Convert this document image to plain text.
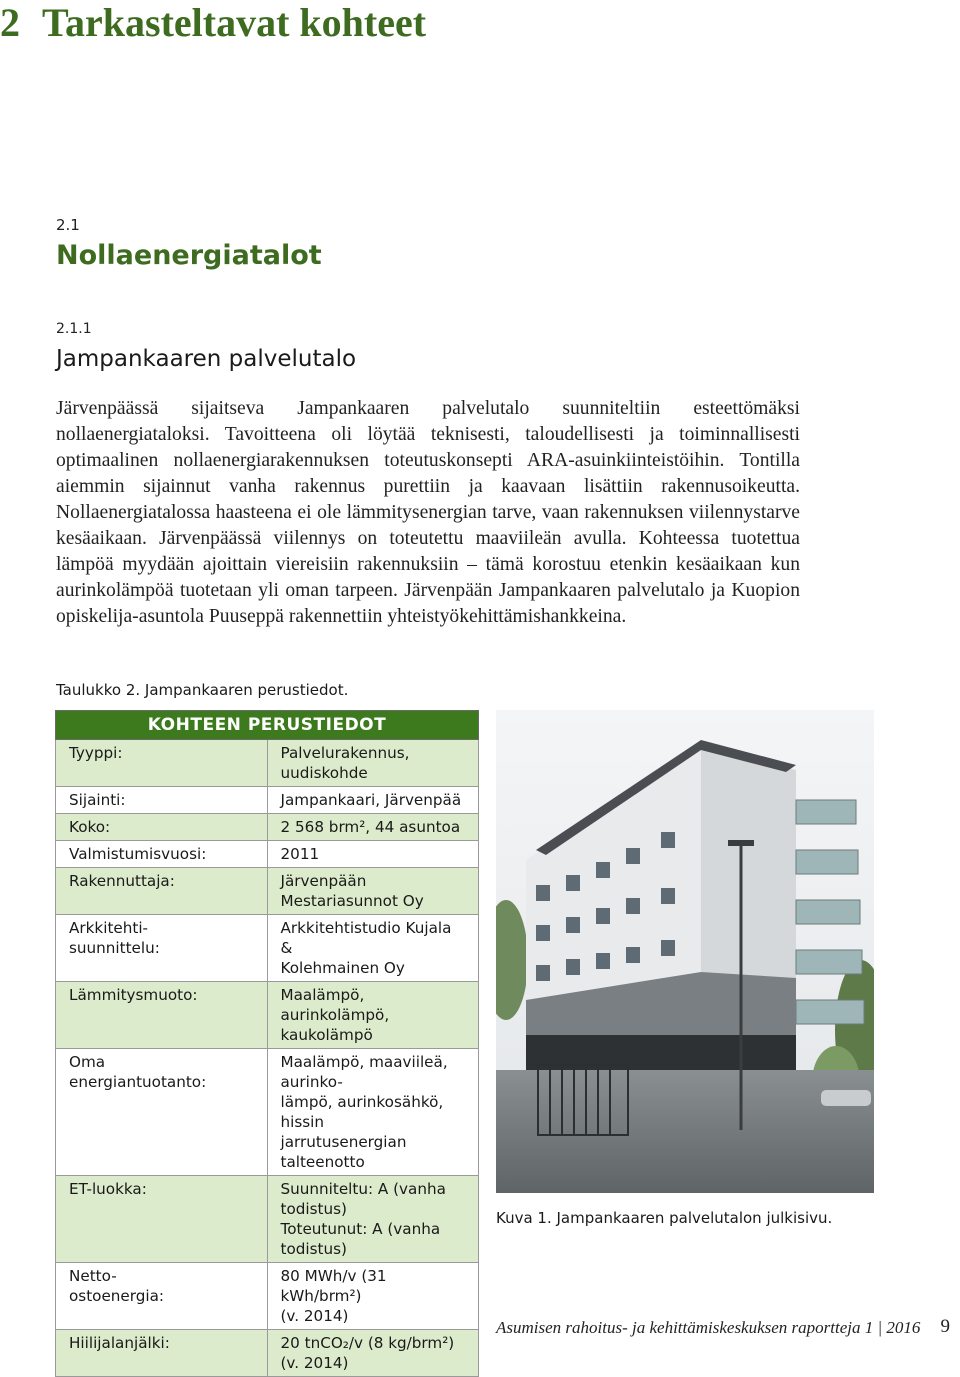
2 Tarkasteltavat kohteet
2.1
Nollaenergiatalot
2.1.1
Jampankaaren palvelutalo

Järvenpäässä sijaitseva Jampankaaren palvelutalo suunniteltiin esteettömäksi nollaenergiataloksi. Tavoitteena oli löytää teknisesti, taloudellisesti ja toiminnallisesti optimaalinen nollaenergiarakennuksen toteutuskonsepti ARA-asuinkiinteistöihin. Tontilla aiemmin sijainnut vanha rakennus purettiin ja kaavaan lisättiin rakennusoikeutta. Nollaenergiatalossa haasteena ei ole lämmitysenergian tarve, vaan rakennuksen viilennystarve kesäaikaan. Järvenpäässä viilennys on toteutettu maaviileän avulla. Kohteessa tuotettua lämpöä myydään ajoittain viereisiin rakennuksiin – tämä korostuu etenkin kesäaikaan kun aurinkolämpöä tuotetaan yli oman tarpeen. Järvenpään Jampankaaren palvelutalo ja Kuopion opiskelija-asuntola Puuseppä rakennettiin yhteistyökehittämishankkeina.

Taulukko 2. Jampankaaren perustiedot.
KOHTEEN PERUSTIEDOT	
Tyyppi:	Palvelurakennus, uudiskohde
Sijainti:	Jampankaari, Järvenpää
Koko:	2 568 brm², 44 asuntoa
Valmistumisvuosi:	2011
Rakennuttaja:	Järvenpään Mestariasunnot Oy
Arkkitehti-
suunnittelu:	Arkkitehtistudio Kujala &
Kolehmainen Oy
Lämmitysmuoto:	Maalämpö, aurinkolämpö,
kaukolämpö
Oma
energiantuotanto:	Maalämpö, maaviileä, aurinko-
lämpö, aurinkosähkö, hissin
jarrutusenergian talteenotto
ET-luokka:	Suunniteltu: A (vanha todistus)
Toteutunut: A (vanha todistus)
Netto-
ostoenergia:	80 MWh/v (31 kWh/brm²)
(v. 2014)
Hiilijalanjälki:	20 tnCO₂/v (8 kg/brm²)
(v. 2014)
Kuva 1. Jampankaaren palvelutalon julkisivu.
Asumisen rahoitus- ja kehittämiskeskuksen raportteja 1 | 2016 9
